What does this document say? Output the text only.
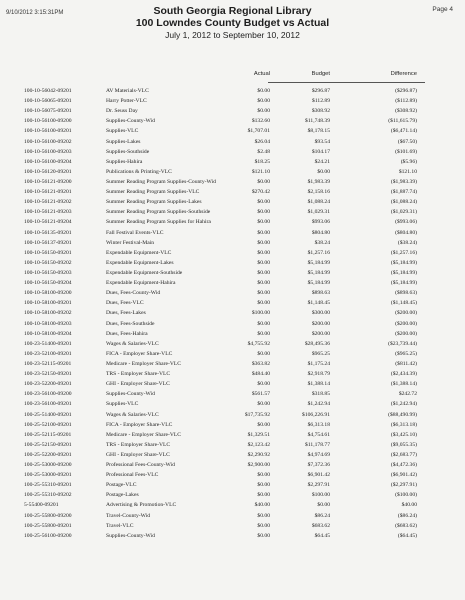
9/10/2012 3:15:31PM	Page 4
South Georgia Regional Library
100 Lowndes County Budget vs Actual
July 1, 2012 to September 10, 2012
Actual	Budget	Difference
100-10-56042-09201	AV Materials-VLC	$0.00	$296.87	($296.87)
100-10-56065-09201	Harry Potter-VLC	$0.00	$112.89	($112.89)
100-10-56075-09201	Dr. Seuss Day	$0.00	$308.92	($308.92)
100-10-56100-09200	Supplies-County-Wid	$132.60	$11,748.39	($11,615.79)
100-10-56100-09201	Supplies-VLC	$1,707.01	$8,178.15	($6,471.14)
100-10-56100-09202	Supplies-Lakes	$26.04	$93.54	($67.50)
100-10-56100-09203	Supplies-Southside	$2.48	$104.17	($101.69)
100-10-56100-09204	Supplies-Hahira	$18.25	$24.21	($5.96)
100-10-56120-09201	Publications & Printing-VLC	$121.10	$0.00	$121.10
100-10-56121-09200	Summer Reading Program Supplies-County-Wid	$0.00	$1,983.39	($1,983.39)
100-10-56121-09201	Summer Reading Program Supplies-VLC	$270.42	$2,158.16	($1,887.74)
100-10-56121-09202	Summer Reading Program Supplies-Lakes	$0.00	$1,088.24	($1,088.24)
100-10-56121-09203	Summer Reading Program Supplies-Southside	$0.00	$1,029.31	($1,029.31)
100-10-56121-09204	Summer Reading Program Supplies for Hahira	$0.00	$993.06	($993.06)
100-10-56135-09201	Fall Festival Events-VLC	$0.00	$804.80	($804.80)
100-10-56137-09201	Winter Festival-Main	$0.00	$38.24	($38.24)
100-10-56150-09201	Expendable Equipment-VLC	$0.00	$1,257.16	($1,257.16)
100-10-56150-09202	Expendable Equipment-Lakes	$0.00	$5,184.99	($5,184.99)
100-10-56150-09203	Expendable Equipment-Southside	$0.00	$5,184.99	($5,184.99)
100-10-56150-09204	Expendable Equipment-Hahira	$0.00	$5,184.99	($5,184.99)
100-10-58100-09200	Dues, Fees-County-Wid	$0.00	$898.63	($898.63)
100-10-58100-09201	Dues, Fees-VLC	$0.00	$1,148.45	($1,148.45)
100-10-58100-09202	Dues, Fees-Lakes	$100.00	$300.00	($200.00)
100-10-58100-09203	Dues, Fees-Southside	$0.00	$200.00	($200.00)
100-10-58100-09204	Dues, Fees-Hahira	$0.00	$200.00	($200.00)
100-23-51400-09201	Wages & Salaries-VLC	$4,755.92	$28,495.36	($23,739.44)
100-23-52100-09201	FICA - Employer Share-VLC	$0.00	$965.25	($965.25)
100-23-52115-09201	Medicare - Employer Share-VLC	$363.82	$1,175.24	($811.42)
100-23-52150-09201	TRS - Employer Share-VLC	$484.40	$2,918.79	($2,434.39)
100-23-52200-09201	GHI - Employer Share-VLC	$0.00	$1,388.14	($1,388.14)
100-23-56100-09200	Supplies-County-Wid	$561.57	$318.85	$242.72
100-23-56100-09201	Supplies-VLC	$0.00	$1,242.94	($1,242.94)
100-25-51400-09201	Wages & Salaries-VLC	$17,735.92	$106,226.91	($88,490.99)
100-25-52100-09201	FICA - Employer Share-VLC	$0.00	$6,313.18	($6,313.18)
100-25-52115-09201	Medicare - Employer Share-VLC	$1,329.51	$4,754.61	($3,425.10)
100-25-52150-09201	TRS - Employer Share-VLC	$2,123.42	$11,178.77	($9,055.35)
100-25-52200-09201	GHI - Employer Share-VLC	$2,290.92	$4,974.69	($2,683.77)
100-25-53000-09200	Professional Fees-County-Wid	$2,900.00	$7,372.36	($4,472.36)
100-25-53000-09201	Professional Fees-VLC	$0.00	$6,901.42	($6,901.42)
100-25-55310-09201	Postage-VLC	$0.00	$2,297.91	($2,297.91)
100-25-55310-09202	Postage-Lakes	$0.00	$100.00	($100.00)
5-55400-09201	Advertising & Promotion-VLC	$40.00	$0.00	$40.00
100-25-55800-09200	Travel-County-Wid	$0.00	$86.24	($86.24)
100-25-55800-09201	Travel-VLC	$0.00	$683.62	($683.62)
100-25-56100-09200	Supplies-County-Wid	$0.00	$64.45	($64.45)
